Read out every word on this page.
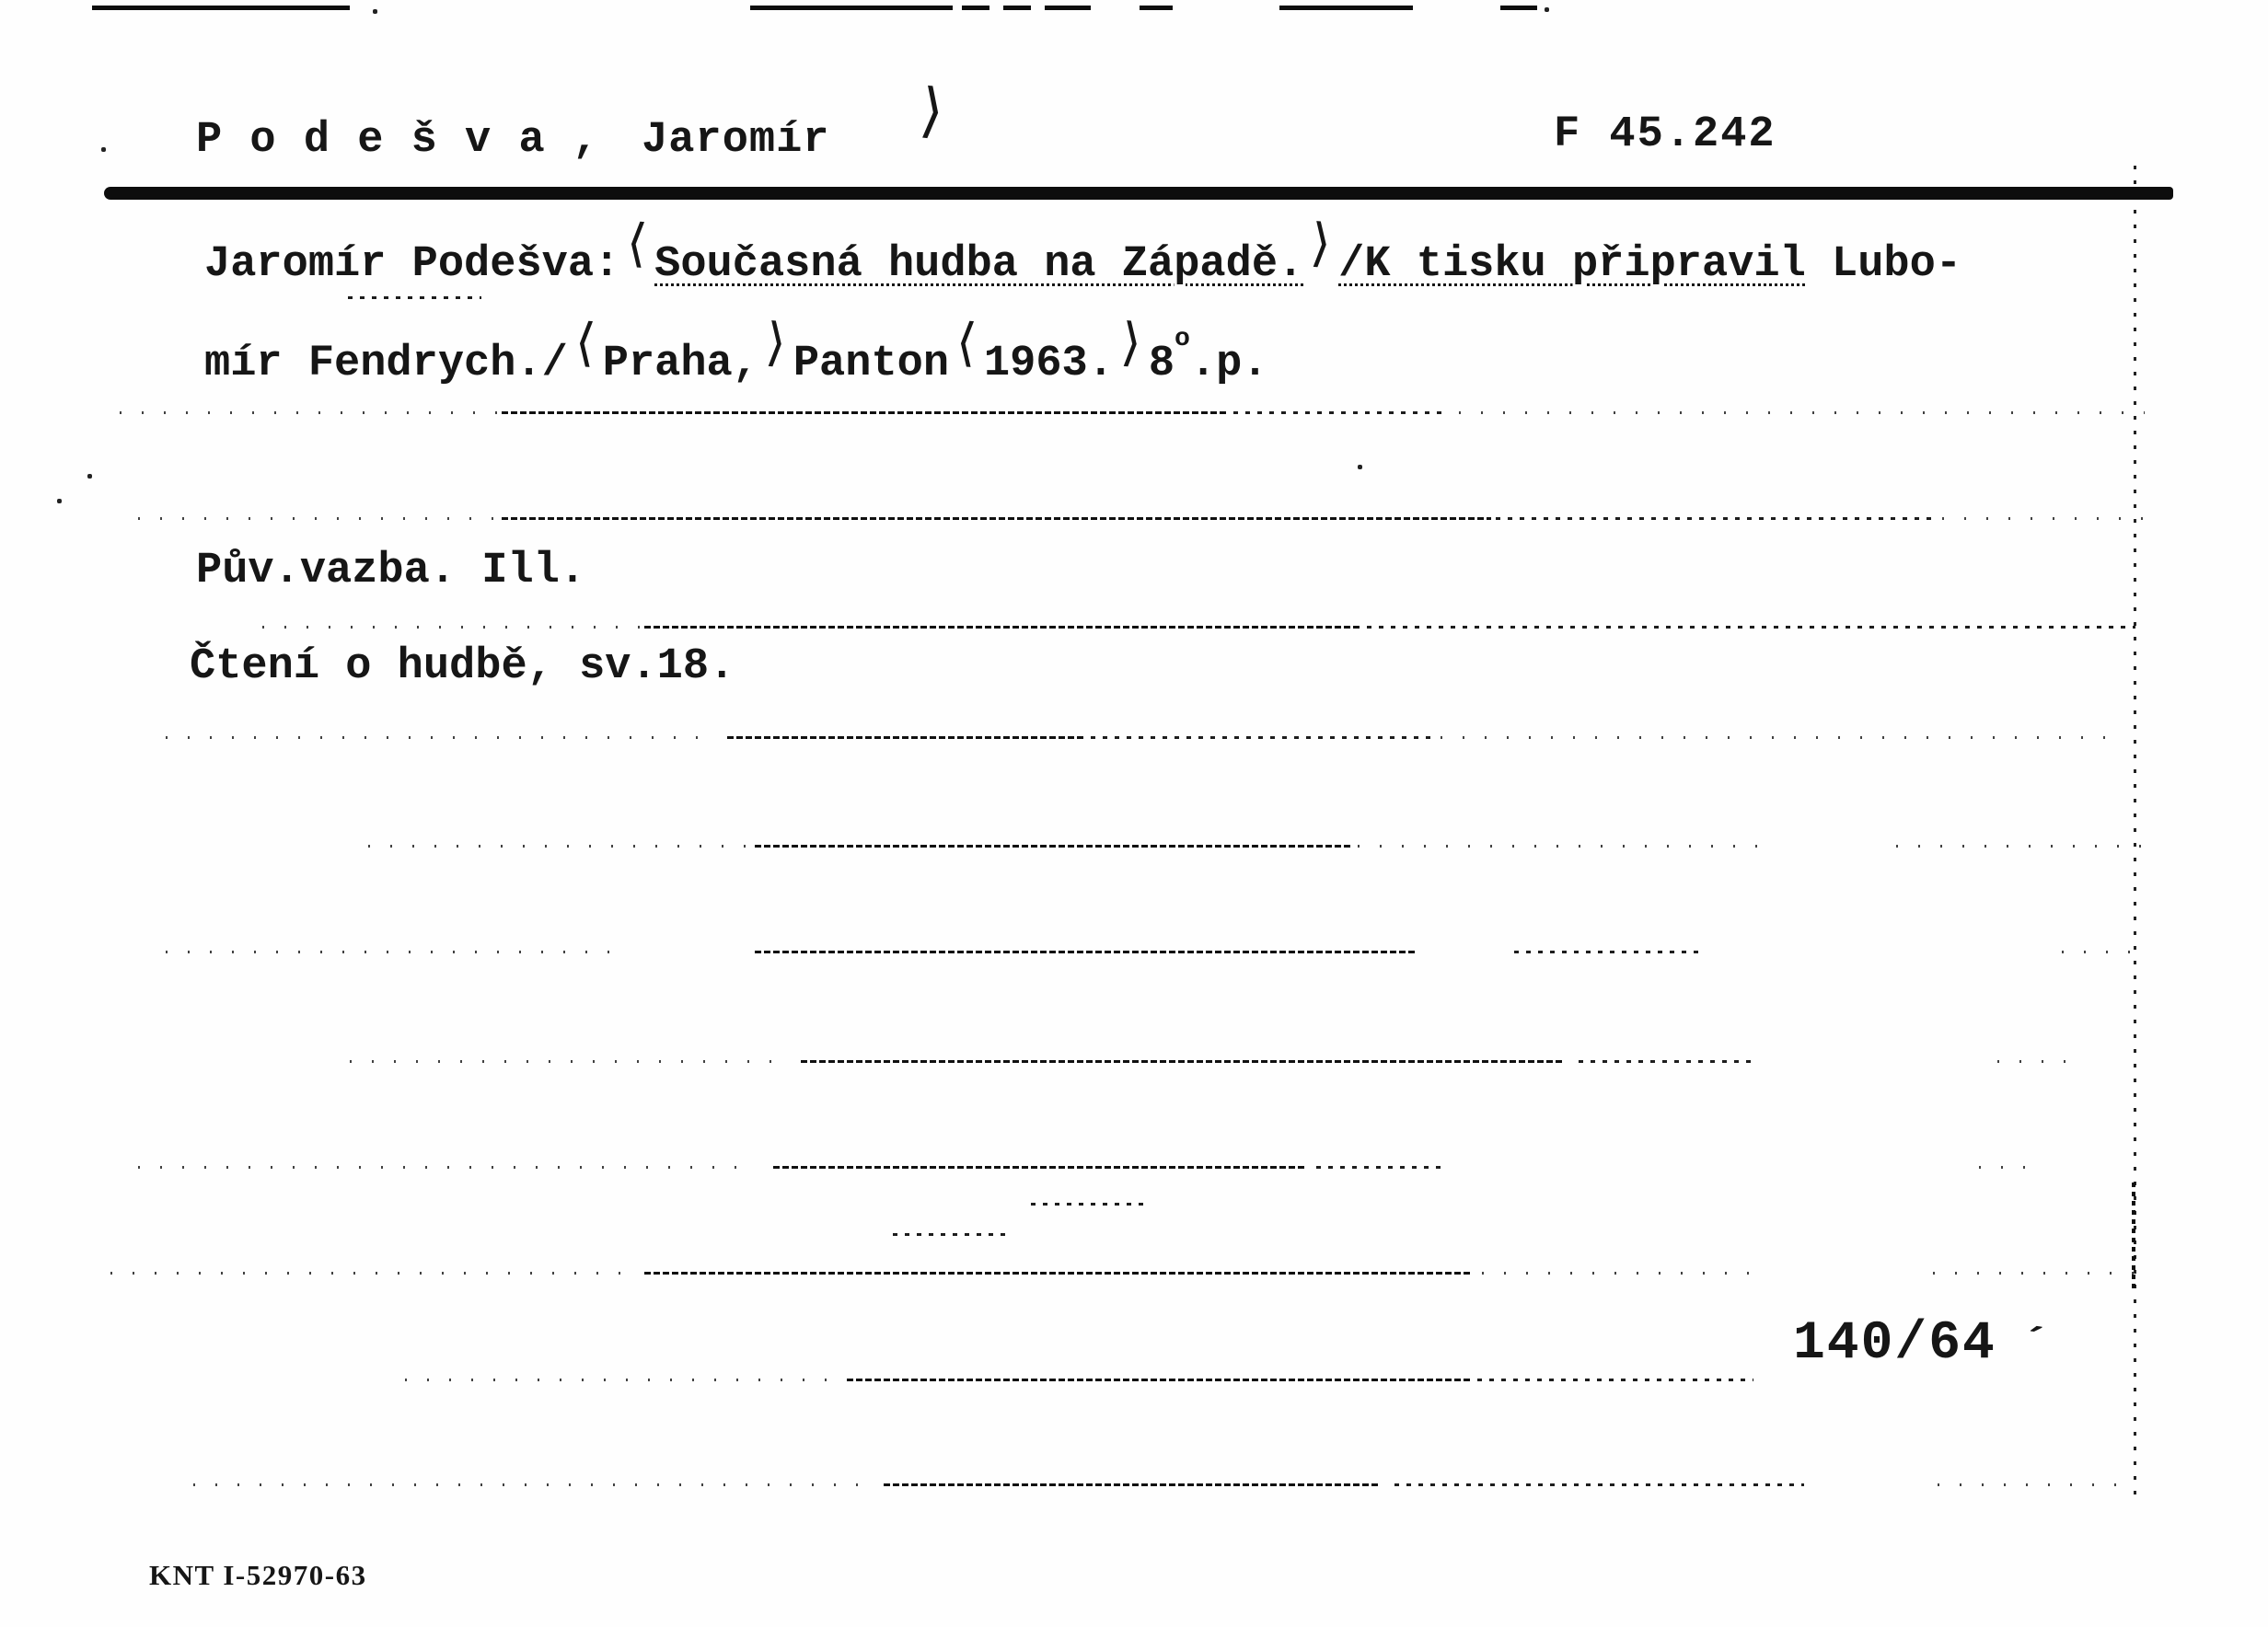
P o d e š v a , Jaromír ⟩	F 45.242
Jaromír Podešva: ⟨ Současná hudba na Západě. ⟩ /K tisku připravil Lubo-
mír Fendrych./ ⟨ Praha, ⟩ Panton ⟨ 1963. ⟩ 8$^o$.p.
Pův.vazba. Ill.
Čtení o hudbě, sv.18.
140/64 ´
KNT I-52970-63
